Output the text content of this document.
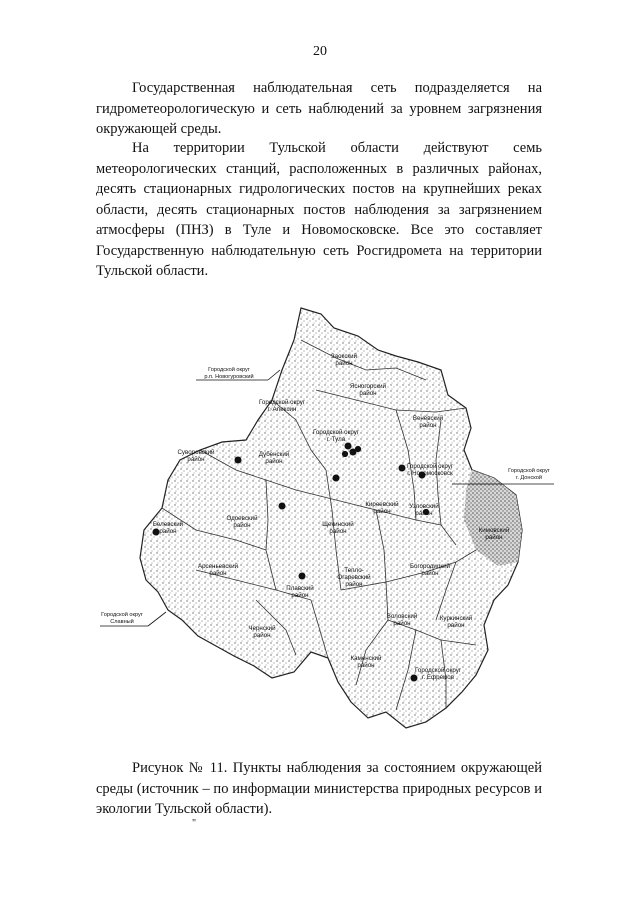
20

Государственная наблюдательная сеть подразделяется на гидрометеорологическую и сеть наблюдений за уровнем загрязнения окружающей среды.

На территории Тульской области действуют семь метеорологических станций, расположенных в различных районах, десять стационарных гидрологических постов на крупнейших реках области, десять стационарных постов наблюдения за загрязнением атмосферы (ПНЗ) в Туле и Новомосковске. Все это составляет Государственную наблюдательную сеть Росгидромета на территории Тульской области.

Заокский район
Ясногорский район
Городской округ г. Алексин
Суворовский район
Дубенский район
Городской округ г. Тула
Венёвский район
Городской округ г. Новомосковск
Белевский район
Одоевский район	Щекинский район
Киреевский район
Узловский район
Кимовский район
Арсеньевский район
Плавский район
Тепло-Огаревский район
Богородицкий район
Чернский район
Воловский район
Куркинский район
Каменский район
Городской округ г. Ефремов
Городской округ р.п. Новогуровский
Городской округ г. Донской
Городской округ Славный

Рисунок № 11. Пункты наблюдения за состоянием окружающей среды (источник – по информации министерства природных ресурсов и экологии Тульской области).

"
